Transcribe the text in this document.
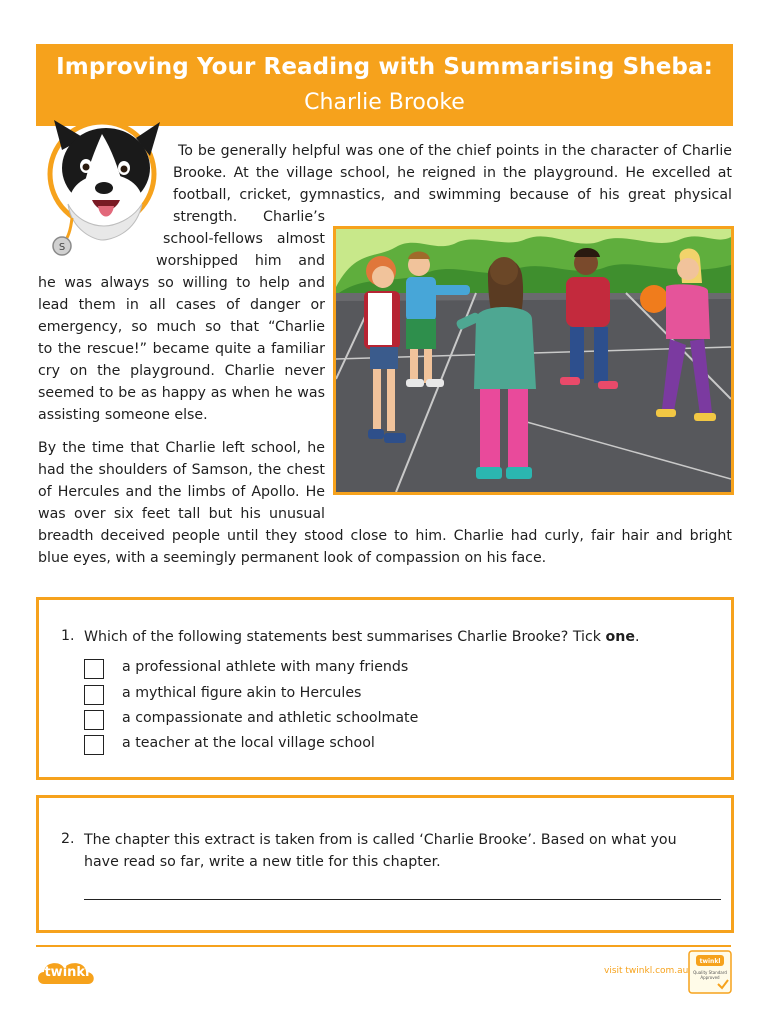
Improving Your Reading with Summarising Sheba:
Charlie Brooke
S
To be generally helpful was one of the chief points in the character of Charlie
Brooke. At the village school, he reigned in the playground. He excelled at
football, cricket, gymnastics, and swimming because of his great physical
strength. Charlie’s
school-fellows almost
worshipped him and
he was always so willing to help and
lead them in all cases of danger or
emergency, so much so that “Charlie
to the rescue!” became quite a familiar
cry on the playground. Charlie never
seemed to be as happy as when he was
assisting someone else.
By the time that Charlie left school, he
had the shoulders of Samson, the chest
of Hercules and the limbs of Apollo. He
was over six feet tall but his unusual
breadth deceived people until they stood close to him. Charlie had curly, fair hair and bright
blue eyes, with a seemingly permanent look of compassion on his face.
1. Which of the following statements best summarises Charlie Brooke? Tick one.
a professional athlete with many friends
a mythical figure akin to Hercules
a compassionate and athletic schoolmate
a teacher at the local village school
2. The chapter this extract is taken from is called ‘Charlie Brooke’. Based on what you
have read so far, write a new title for this chapter.
twinkl	visit twinkl.com.au
twinkl
Quality Standard
Approved
